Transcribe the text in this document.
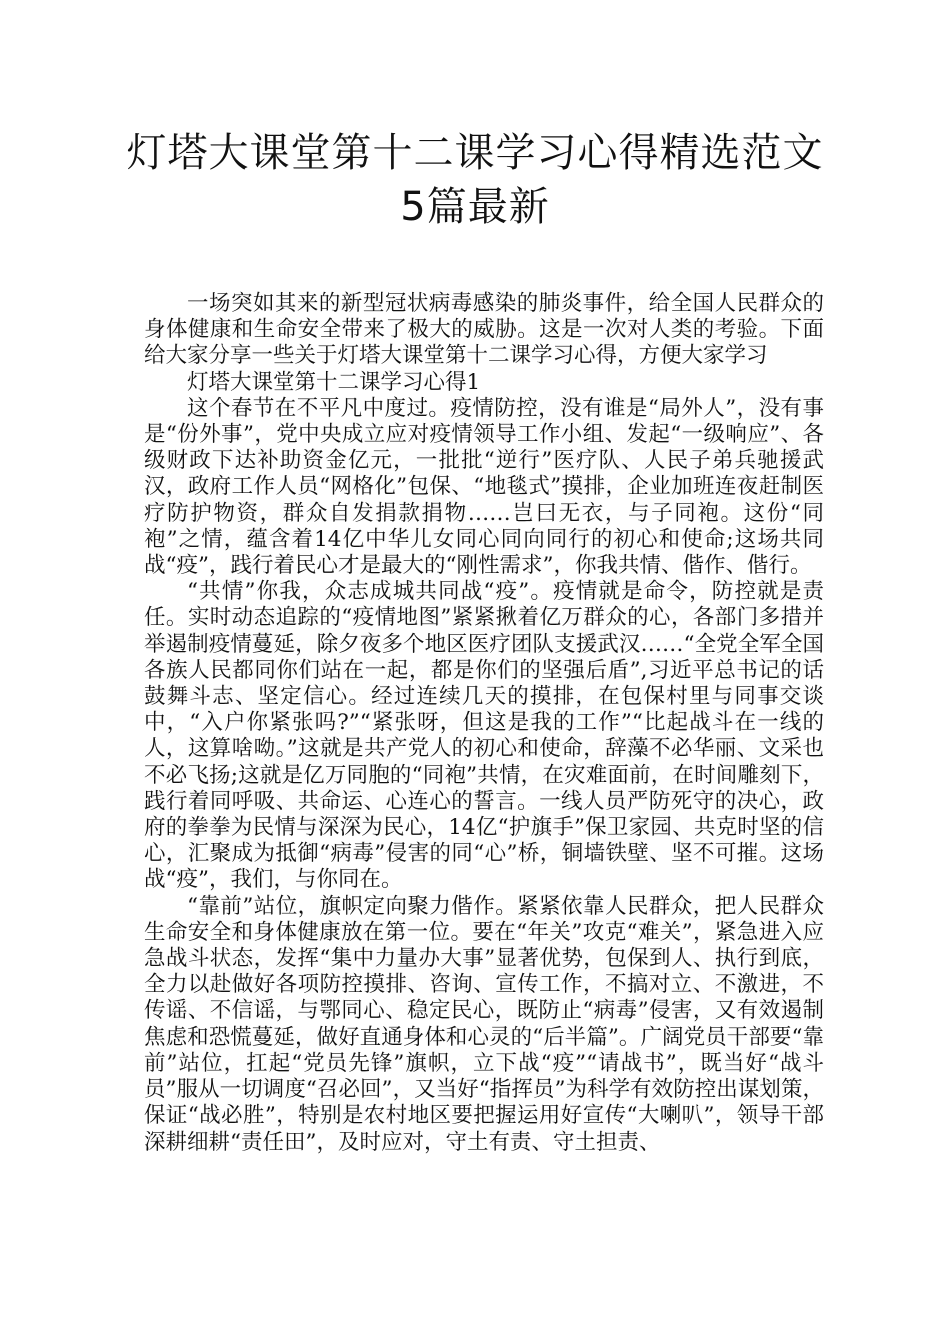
灯塔大课堂第十二课学习心得精选范文
5篇最新

一场突如其来的新型冠状病毒感染的肺炎事件，给全国人民群众的身体健康和生命安全带来了极大的威胁。这是一次对人类的考验。下面给大家分享一些关于灯塔大课堂第十二课学习心得，方便大家学习

灯塔大课堂第十二课学习心得1

这个春节在不平凡中度过。疫情防控，没有谁是“局外人”，没有事是“份外事”，党中央成立应对疫情领导工作小组、发起“一级响应”、各级财政下达补助资金亿元，一批批“逆行”医疗队、人民子弟兵驰援武汉，政府工作人员“网格化”包保、“地毯式”摸排，企业加班连夜赶制医疗防护物资，群众自发捐款捐物……岂曰无衣，与子同袍。这份“同袍”之情，蕴含着14亿中华儿女同心同向同行的初心和使命;这场共同战“疫”，践行着民心才是最大的“刚性需求”，你我共情、偕作、偕行。

“共情”你我，众志成城共同战“疫”。疫情就是命令，防控就是责任。实时动态追踪的“疫情地图”紧紧揪着亿万群众的心，各部门多措并举遏制疫情蔓延，除夕夜多个地区医疗团队支援武汉……“全党全军全国各族人民都同你们站在一起，都是你们的坚强后盾”,习近平总书记的话鼓舞斗志、坚定信心。经过连续几天的摸排，在包保村里与同事交谈中，“入户你紧张吗?”“紧张呀，但这是我的工作”“比起战斗在一线的人，这算啥呦。”这就是共产党人的初心和使命，辞藻不必华丽、文采也不必飞扬;这就是亿万同胞的“同袍”共情，在灾难面前，在时间雕刻下，践行着同呼吸、共命运、心连心的誓言。一线人员严防死守的决心，政府的拳拳为民情与深深为民心，14亿“护旗手”保卫家园、共克时坚的信心，汇聚成为抵御“病毒”侵害的同“心”桥，铜墙铁壁、坚不可摧。这场战“疫”，我们，与你同在。

“靠前”站位，旗帜定向聚力偕作。紧紧依靠人民群众，把人民群众生命安全和身体健康放在第一位。要在“年关”攻克“难关”，紧急进入应急战斗状态，发挥“集中力量办大事”显著优势，包保到人、执行到底，全力以赴做好各项防控摸排、咨询、宣传工作，不搞对立、不激进，不传谣、不信谣，与鄂同心、稳定民心，既防止“病毒”侵害，又有效遏制焦虑和恐慌蔓延，做好直通身体和心灵的“后半篇”。广阔党员干部要“靠前”站位，扛起“党员先锋”旗帜，立下战“疫”“请战书”，既当好“战斗员”服从一切调度“召必回”，又当好“指挥员”为科学有效防控出谋划策，保证“战必胜”，特别是农村地区要把握运用好宣传“大喇叭”，领导干部深耕细耕“责任田”，及时应对，守土有责、守土担责、
